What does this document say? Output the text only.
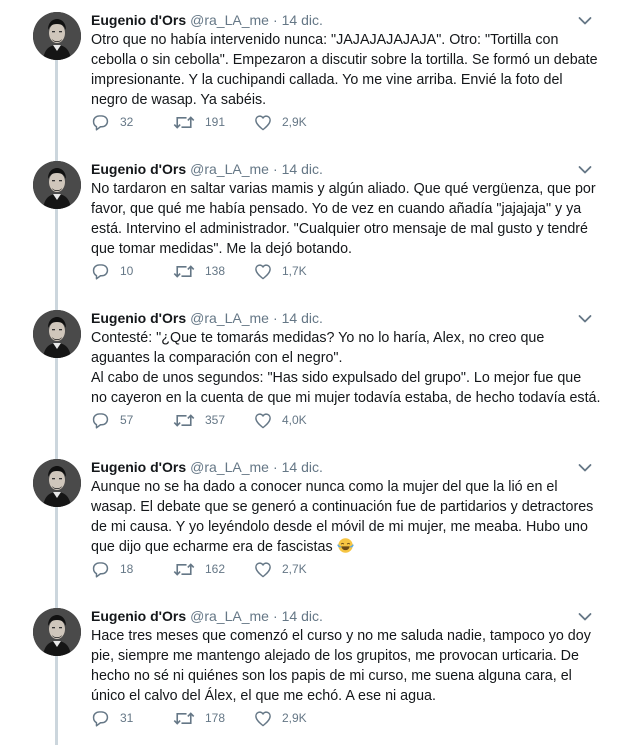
Eugenio d'Ors @ra_LA_me · 14 dic.

Otro que no había intervenido nunca: "JAJAJAJAJAJA". Otro: "Tortilla con cebolla o sin cebolla". Empezaron a discutir sobre la tortilla. Se formó un debate impresionante. Y la cuchipandi callada. Yo me vine arriba. Envié la foto del negro de wasap. Ya sabéis.

32	191	2,9K
Eugenio d'Ors @ra_LA_me · 14 dic.

No tardaron en saltar varias mamis y algún aliado. Que qué vergüenza, que por favor, que qué me había pensado. Yo de vez en cuando añadía "jajajaja" y ya está. Intervino el administrador. "Cualquier otro mensaje de mal gusto y tendré que tomar medidas". Me la dejó botando.

10	138	1,7K
Eugenio d'Ors @ra_LA_me · 14 dic.

Contesté: "¿Que te tomarás medidas? Yo no lo haría, Alex, no creo que aguantes la comparación con el negro".

Al cabo de unos segundos: "Has sido expulsado del grupo". Lo mejor fue que no cayeron en la cuenta de que mi mujer todavía estaba, de hecho todavía está.

57	357	4,0K
Eugenio d'Ors @ra_LA_me · 14 dic.

Aunque no se ha dado a conocer nunca como la mujer del que la lió en el wasap. El debate que se generó a continuación fue de partidarios y detractores de mi causa. Y yo leyéndolo desde el móvil de mi mujer, me meaba. Hubo uno que dijo que echarme era de fascistas

18	162	2,7K
Eugenio d'Ors @ra_LA_me · 14 dic.

Hace tres meses que comenzó el curso y no me saluda nadie, tampoco yo doy pie, siempre me mantengo alejado de los grupitos, me provocan urticaria. De hecho no sé ni quiénes son los papis de mi curso, me suena alguna cara, el único el calvo del Álex, el que me echó. A ese ni agua.

31	178	2,9K
